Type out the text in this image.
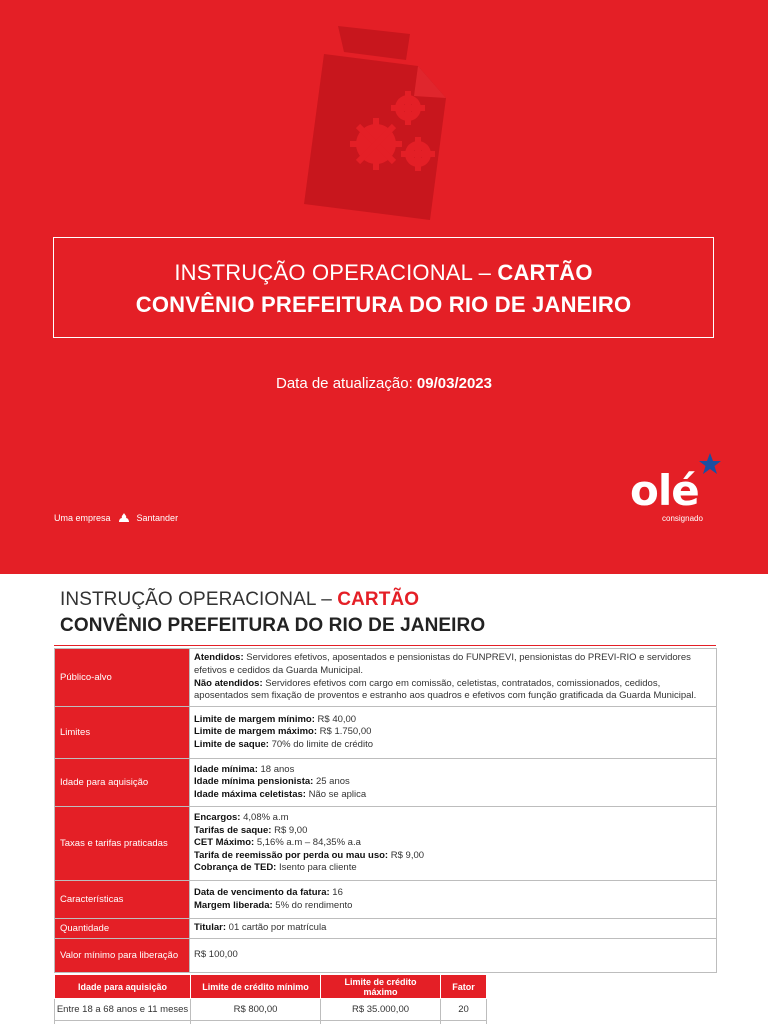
INSTRUÇÃO OPERACIONAL – CARTÃO
CONVÊNIO PREFEITURA DO RIO DE JANEIRO
Data de atualização: 09/03/2023
Uma empresa	Santander
olé
consignado
INSTRUÇÃO OPERACIONAL – CARTÃO
CONVÊNIO PREFEITURA DO RIO DE JANEIRO
Público-alvo	Atendidos: Servidores efetivos, aposentados e pensionistas do FUNPREVI, pensionistas do PREVI-RIO e servidores efetivos e cedidos da Guarda Municipal.
Não atendidos: Servidores efetivos com cargo em comissão, celetistas, contratados, comissionados, cedidos, aposentados sem fixação de proventos e estranho aos quadros e efetivos com função gratificada da Guarda Municipal.
Limites	Limite de margem mínimo: R$ 40,00
Limite de margem máximo: R$ 1.750,00
Limite de saque: 70% do limite de crédito
Idade para aquisição	Idade mínima: 18 anos
Idade mínima pensionista: 25 anos
Idade máxima celetistas: Não se aplica
Taxas e tarifas praticadas	Encargos: 4,08% a.m
Tarifas de saque: R$ 9,00
CET Máximo: 5,16% a.m – 84,35% a.a
Tarifa de reemissão por perda ou mau uso: R$ 9,00
Cobrança de TED: Isento para cliente
Características	Data de vencimento da fatura: 16
Margem liberada: 5% do rendimento
Quantidade	Titular: 01 cartão por matrícula
Valor mínimo para liberação	R$ 100,00
Idade para aquisição	Limite de crédito mínimo	Limite de crédito máximo	Fator
Entre 18 a 68 anos e 11 meses	R$ 800,00	R$ 35.000,00	20
